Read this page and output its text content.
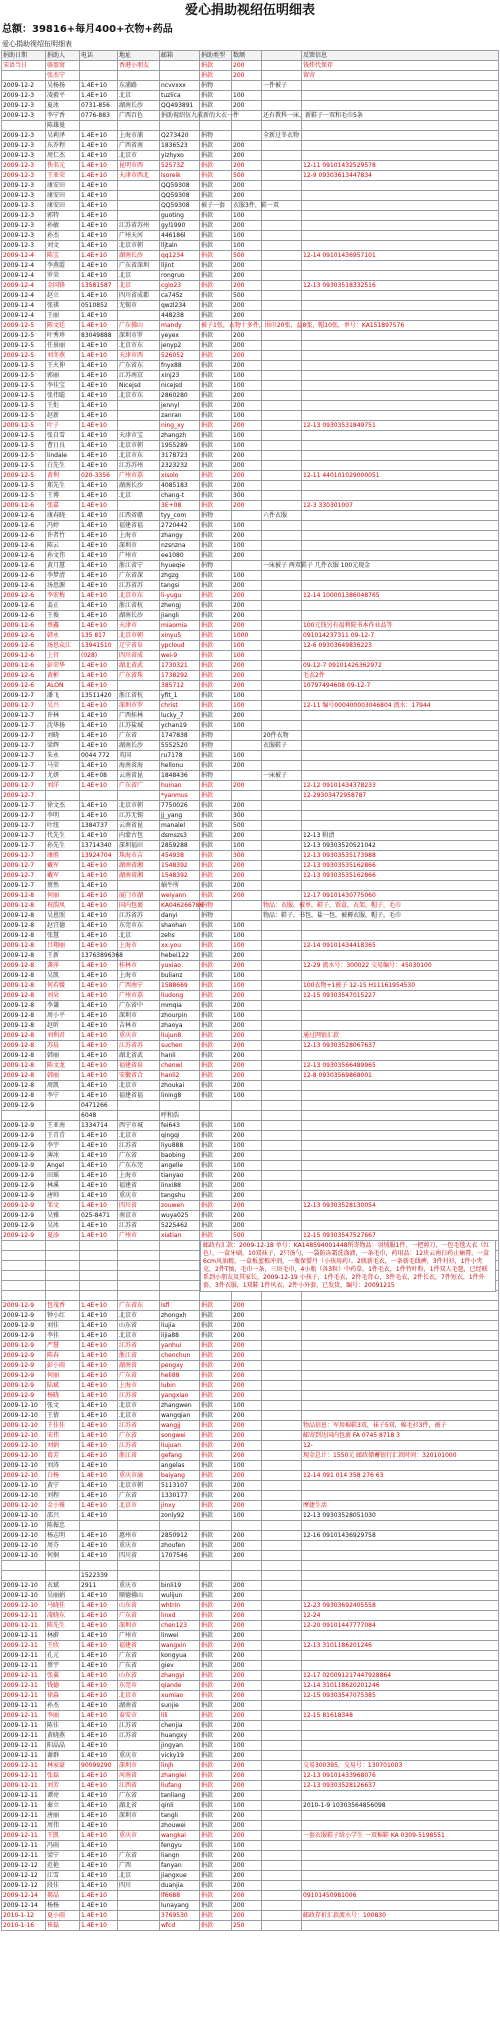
爱心捐助视绍伍明细表
总额：39816+每月400+衣物+药品
爱心捐助视绍伍明细表
捐助日期	捐助人	电话	地址	邮箱	捐助类型	数额		反馈信息	
宋语当日	骆盈窝		香港小朋友		捐款	200		钱炜代保存	
	张杰宁				捐款	200		留寄	
2009-12-2	吴杨扬	1.4E+10	东浦路	ncvvxxx	捐物		一件被子		
2009-12-3	凌毅平	1.4E+10	北京	tuzlica	捐款	100			
2009-12-3	夏冰	0731-856	湖南长沙	QQ493891	捐款	200			
2009-12-3	李宁香	0776-883	广西百色	捐助视绍伍九成新的大衣一件			还有教科一床、新鞋子一双和毛巾5条		
	陈雄曼								
2009-12-3	吴莉泽	1.4E+10	上海市浦	Q273420	捐物		全新过冬衣物		
2009-12-3	东乔程	1.4E+10	广西省南	1836523	捐款	200			
2009-12-3	周仁杰	1.4E+10	北京市	yizhyxo	捐款	200			
2009-12-3	佚名元	1.4E+10	昆明市西	52573Z	捐款	200		12-11 09101432529578	
2009-12-3	王亚荣	1.4E+10	天津市西北	lsoreik	捐款	500		12-9 09303613447834	
2009-12-3	康安田	1.4E+10		QQ59308	捐款	200			
2009-12-3	康安田	1.4E+10		QQ59308	捐款	200			
2009-12-3	康安田	1.4E+10		QQ59308	被子一套	衣服3件，鞋一双			
2009-12-3	郭特	1.4E+10		guoting	捐款	100			
2009-12-3	孙敏	1.4E+10	江苏省苏州	gyl1990	捐款	200			
2009-12-3	孙杰	1.4E+10	广州天河	446186l	捐款	100			
2009-12-3	刘文	1.4E+10	北京市朝	lljtaln	捐款	100			
2009-12-4	陈宝	1.4E+10	湖南长沙	qq1234	捐款	500		12-14 09101436957101	
2009-12-4	李燕霞	1.4E+10	广东省深圳	lljint	捐款	200			
2009-12-4	罗荣	1.4E+10	北京	rongruo	捐款	200			
2009-12-4	金国锋	13581587	北京	cglo23	捐款	200		12-13 09303518332516	
2009-12-4	赵立	1.4E+10	四川省成都	ca745z	捐款	500			
2009-12-4	张祺	0510852	无锡市	qwzl234	捐款	200			
2009-12-4	王丽	1.4E+10		448238	捐款	200			
2009-12-5	陈文廷	1.4E+10	广东佛山	mandy	被子1张，衣物十多件，围巾20张，益8张，帽10张，单号：KA151897576				
2009-12-5	叶秀珍	83049888	深圳市罗	yeyex	捐款	200			
2009-12-5	任景丽	1.4E+10	北京市东	jenyp2	捐款	200			
2009-12-5	刘冬燕	1.4E+10	天津市西	526052	捐款	200			
2009-12-5	王火伸	1.4E+10	广东省东	fnyx88	捐款	200			
2009-12-5	郭丽	1.4E+10	江苏南京	xinj23	捐款	100			
2009-12-5	李佳宝	1.4E+10	Nicejsd	nicejsd	捐款	100			
2009-12-5	张伟聪	1.4E+10	北京市东	2860280	捐款	200			
2009-12-5	王炬	1.4E+10		jennyl	捐款	200			
2009-12-5	赵新	1.4E+10		zanran	捐款	100			
2009-12-5	叶子	1.4E+10		ning_xy	捐款	200		12-13 09303531849751	
2009-12-5	张自雪	1.4E+10	天津市宝	zhangzh	捐款	100			
2009-12-5	曹日良	1.4E+10	北京市朝	1955289	捐款	100			
2009-12-5	lindale	1.4E+10	北京市东	3178723	捐款	200			
2009-12-5	白先生	1.4E+10	江苏苏州	2323232	捐款	200			
2009-12-5	黄利	020-3356	广州市荔	xisolo	捐款	200		12-11 440101029000051	
2009-12-5	郑先生	1.4E+10	湖南长沙	4085183	捐款	200			
2009-12-5	王博	1.4E+10	北京	chang-t	捐款	300			
2009-12-6	张嘉	1.4E+10		3E+08	捐款	200		12-3 330301007	
2009-12-6	康春晓	1.4E+10	江西省赣	tyy_com	捐物		六件衣服		
2009-12-6	冯婷	1.4E+10	福建省福	2720442	捐款	100			
2009-12-6	许者竹	1.4E+10	上海市	zhangy	捐款	200			
2009-12-6	陈云	1.4E+10	深圳市	nzsnzna	捐款	100			
2009-12-6	孙文伟	1.4E+10	广州市	ee1080	捐款	200			
2009-12-6	黄月慧	1.4E+10	浙江省宁	hyueqie	捐物		一床被子 两双鞋子 几件衣服 100元现金		
2009-12-6	李梦清	1.4E+10	广东省深	zhgzg	捐款	100			
2009-12-6	汤思源	1.4E+10	江苏省苏	tangsi	捐款	200			
2009-12-6	李宏梅	1.4E+10	北京市东	li-yugu	捐款	200		12-14 100001386048765	
2009-12-6	姜正	1.4E+10	浙江省杭	zhengj	捐款	200			
2009-12-6	王俊	1.4E+10	湖南长沙	jiangli	捐款	200			
2009-12-6	蔡鑫	1.4E+10	天津市	miaomia	捐款	200		100元钱另有福利院书本作业品等	
2009-12-6	韩永	135 817	北京市朝	xinyu5	捐款	1000		091014237311 09-12-7	
2009-12-6	汤思众江	13941510	辽宁省阜	ypcloud	捐款	100		12-6 09303649836223	
2009-12-6	上官	(028)	四川省成	wei-9	捐款	100			
2009-12-6	彭荣华	1.4E+10	湖北省武	1730321	捐款	200		09-12-7 09101426362972	
2009-12-6	黄彬	1.4E+10	广东省珠	1738292	捐款	200		毛衣2件	
2009-12-6	ALON	1.4E+10		385712	捐款	200		10797494608 09-12-7	
2009-12-7	潘飞	13511420	浙江省杭	yfit_1	捐款	100			
2009-12-7	吴兴	1.4E+10	深圳市罗	christ	捐款	100		12-11 编号000400003046804 流水：17944	
2009-12-7	许林	1.4E+10	广西桂林	lucky_7	捐款	200			
2009-12-7	沈华扬	1.4E+10	江苏盐城	ychan19	捐款	100			
2009-12-7	刘晓	1.4E+10	广东省	1747838	捐物		20件衣物		
2009-12-7	梁辉	1.4E+10	湖南长沙	5552520	捐物		衣服鞋子		
2009-12-7	朱永	0044 772	英国	ru7178	捐款	100			
2009-12-7	马荣	1.4E+10	海南省海	hellonu	捐款	200			
2009-12-7	尤妍	1.4E+08	云南省昆	1848436	捐物		一床被子		
2009-12-7	刘洋	1.4E+10	广东省广	huinan	捐款	200		12-12 09101434378233	
2009-12-7				*yanmus	捐款			12-29303472958787	
2009-12-7	徐文杰	1.4E+10	北京市朝	7750026	捐款	200			
2009-12-7	李明	1.4E+10	江苏无锡	jj_yang	捐款	300			
2009-12-7	叶纽	1384737	云南省昆	manalel	捐款	500			
2009-12-7	代先生	1.4E+10	内蒙古包	dsmszs3	捐款	200		12-13 附清	
2009-12-7	孙先生	13714340	深圳福田	2859288	捐款	100		12-13 09303520521042	
2009-12-7	康胜	13924704	珠海市吉	454938	捐款	300		12-13 09303535173988	
2009-12-7	戴军	1.4E+10	湖南省湘	1548392	捐款	200		12-13 09303535162866	
2009-12-7	戴军	1.4E+10	湖南省湘	1548392	捐款	200		12-13 09303535162866	
2009-12-7	蔡然	1.4E+10		蜗牛所	捐款	200			
2009-12-8	何丽	1.4E+10	厦门市湖	weiyann	捐款	200		12-17 09101430775060	
2009-12-8	祝韵凤	1.4E+10	国内包裹	KA046266786	捐物		物品：衣服，被单，鞋子，饭盒，衣架，帽子，毛巾		
2009-12-8	吴恩照	1.4E+10	江苏省苏	danyi	捐物		物品：鞋子，书包，盐一包，被褥衣服，帽子，毛巾		
2009-12-8	赵宜德	1.4E+10	东莞市东	shaohan	捐款	100			
2009-12-8	张慧	1.4E+10	北京	zehs	捐款	100			
2009-12-8	吕翔丽	1.4E+10	上海市	xx.you	捐款	100		12-14 09101434418365	
2009-12-8	王新	13763896368		hebei122	捐款	200			
2009-12-8	龚萍	1.4E+10	桂林市	yuxiao	捐款	200		12-29 流水号：300022 交易编号：45030100	
2009-12-8	吴凯	1.4E+10	上海市	bulianz	捐款	100			
2009-12-8	何若媛	1.4E+10	广西南宁	1588669	捐款	100		100衣物+1被子 12-15 H11161954530	
2009-12-8	刘朵	1.4E+10	广州市荔	liudong	捐款	200		12-15 09303547015227	
2009-12-8	李谦	1.4E+10	广东省中	mmqia	捐款	200			
2009-12-8	周小平	1.4E+10	深圳市	zhourpin	捐款	100			
2009-12-8	赵昕	1.4E+10	吉林市	zhaoya	捐款	200			
2009-12-8	刘利君	1.4E+10	重庆市	liujun8	捐款	200		通过网银汇款	
2009-12-8	苏晨	1.4E+10	江苏省苏	suchen	捐款	200		12-13 09303528067637	
2009-12-8	韩丽	1.4E+10	湖北省武	hanli	捐款	200			
2009-12-8	陈文龙	1.4E+10	福建省泉	chenwl	捐款	200		12-13 09303566489965	
2009-12-8	韩丽	1.4E+10	安徽省合	hanli2	捐款	200		12-8 09303569868001	
2009-12-8	周凯	1.4E+10	北京市	zhoukai	捐款	200			
2009-12-8	李宁	1.4E+10	福建省福	lining8	捐款	100			
2009-12-9		0471266							
		6048		呼和浩					
2009-12-9	王亚南	1334714	西宁市城	fei643	捐款	100			
2009-12-9	王青青	1.4E+10	北京市	qingqi	捐款	200			
2009-12-9	李宇	1.4E+10	江苏省	liyu888	捐款	100			
2009-12-9	薄冰	1.4E+10	广东省	baobing	捐款	200			
2009-12-9	Angel	1.4E+10	广东东莞	angelle	捐款	100			
2009-12-9	田瑶	1.4E+10	上海市	tianyao	捐款	200			
2009-12-9	林溪	1.4E+10	福建省	linxi88	捐款	200			
2009-12-9	唐帅	1.4E+10	重庆市	tangshu	捐款	200			
2009-12-9	邹文	1.4E+10	四川省	zouwen	捐款	200		12-13 09303528130054	
2009-12-9	吴雅	025-8471	南京市	wuya025	捐款	200			
2009-12-9	吴冰	1.4E+10	江苏省	5225462	捐款	200			
2009-12-9	夏添	1.4E+10	广州市	xiatian	捐款	500		12-15 09303547527667	

2009-12-9	包茂香	1.4E+10	广东省东	lsfl	捐款	200			
2009-12-9	钟小红	1.4E+10	北京市	zhongxh	捐款	200			
2009-12-9	刘佳	1.4E+10	山东省	liujia	捐款	200			
2009-12-9	李佳	1.4E+10	北京市	lijia88	捐款	200			
2009-12-9	严慧	1.4E+10	江苏省	yanhui	捐款	200			
2009-12-9	陈春	1.4E+10	浙江省	chenchun	捐款	200			
2009-12-9	彭小雨	1.4E+10	湖南省	pengxy	捐款	200			
2009-12-9	何丽	1.4E+10	广东省	heli88	捐款	200			
2009-12-9	陆斌	1.4E+10	上海市	lubin	捐款	200			
2009-12-9	杨晓	1.4E+10	江苏省	yangxiao	捐款	200			
2009-12-10	张文	1.4E+10	北京市	zhangwen	捐款	100			
2009-12-10	王倩	1.4E+10	北京市	wangqian	捐款	200			
2009-12-10	王佳佳	1.4E+10	江苏省	wangjj	捐款	200		物品信息：军用棉鞋3双，袜子5双，棉毛衫3件，被子	
2009-12-10	宋伟	1.4E+10	广东省	songwei	捐款	200		邮寄到达国内包裹 FA 0745 8718 3	
2009-12-10	刘娟	1.4E+10	江苏省	liujuan	捐款	200		12-	
2009-12-10	葛芳	1.4E+10	浙江省	gefang	捐款	200		现金总计：1550元 邮政储蓄银行汇款时间：320101000	
2009-12-10	刘涛	1.4E+10		angelas	捐款	100			
2009-12-10	白杨	1.4E+10	重庆市渝	baiyang	捐款	200		12-14 091 014 358 276 63	
2009-12-10	黄宁	1.4E+10	北京市朝	5113107	捐款	200			
2009-12-10	刘程	1.4E+10	广东省	1330177	捐款	200			
2009-12-10	金小雅	1.4E+10	北京市	jinxy	捐款	200		摩捷生活	
2009-12-10	邵兴	1.4E+10		zonly92	捐款	100		12-13 09303528051030	
2009-12-10	陈振忠								
2009-12-10	杨志明	1.4E+10	惠州市	2850912	捐款	200		12-16 09101436929758	
2009-12-10	周芬	1.4E+10	重庆市	zhoufen	捐款	200			
2009-12-10	何炯	1.4E+10	四川省	1707546	捐款	200			

		1522339							
2009-12-10	衣斌	2911	重庆市	binli19	捐款	200			
2009-12-10	吴丽娟	1.4E+10	顺德佛山	wulijun	捐款	200			
2009-12-10	马晓佳	1.4E+10	山东省	whtrin	捐款	200		12-23 09303692405558	
2009-12-11	凌晓东	1.4E+10	广东省	linxd	捐款	200		12-24	
2009-12-11	陈先生	1.4E+10	深圳市	chen123	捐款	200		12-20 09101447777084	
2009-12-11	林蔚	1.4E+10	广州市	linwei	捐款	200			
2009-12-11	王欣	1.4E+10	福建省	wangxin	捐款	200		12-13 3101186201246	
2009-12-11	孔元	1.4E+10	广东省	kongyua	捐款	200			
2009-12-11	蔡宇	1.4E+10	广东省	giev	捐款	200			
2009-12-11	张翼	1.4E+10	山东省	zhangyi	捐款	200		12-17 020091217447928864	
2009-12-11	钱德	1.4E+10	东莞市	qiande	捐款	200		12-14 310118620201246	
2009-12-11	徐淼	1.4E+10	北京市	xumiao	捐款	200		12-15 09303547075385	
2009-12-11	孙杰	1.4E+10	湖南省	sunjie	捐款	200			
2009-12-11	李丽	1.4E+10	泰安市	lili	捐款	200		12-15 81618348	
2009-12-11	陈佳	1.4E+10	江苏省	chenjia	捐款	200			
2009-12-11	黄晓燕	1.4E+10	江苏省	huangxy	捐款	200			
2009-12-11	阳晶晶	1.4E+10		jingyan	捐款	100			
2009-12-11	谢群	1.4E+10	重庆市	vicky19	捐款	200			
2009-12-11	林家豪	90099290	深圳市	linjh	捐款	200		交易300395，交易号：130701003	
2009-12-11	张磊	1.4E+10	河南省	zhanglei	捐款	200		12-13 09101433968076	
2009-12-11	刘芳	1.4E+10	江西省	liufang	捐款	200		12-13 09303528126637	
2009-12-11	谭亮	1.4E+10	广东省	tanliang	捐款	200			
2009-12-11	秦立	1.4E+10	湖北省	qinli	捐款	100		2010-1-9 10303564856098	
2009-12-11	唐丽	1.4E+10	深圳市	tangli	捐款	200			
2009-12-11	周伟	1.4E+10		zhouwei	捐款	200			
2009-12-11	王凯	1.4E+10	重庆市	wangkai	捐款	200		一套衣服鞋子给小学生 一双棉鞋 KA 0309-5198551	
2009-12-11	冯雨	1.4E+10		fengyu	捐款	100			
2009-12-11	梁宁	1.4E+10	广东省	liangn	捐款	200			
2009-12-12	范艳	1.4E+10	广西	fanyan	捐款	200			
2009-12-12	江雪	1.4E+10	北京	jiangxue	捐款	200			
2009-12-12	段佳	1.4E+10	四川	duanjia	捐款	200			
2009-12-14	郝晶	1.4E+10		lf6688	捐款	200		09101450981006	
2009-12-14	杨杨	1.4E+10		lunayang	捐款	200			
2010-1-12	夏小雨	1.4E+10		3769530	捐款	200		邮政存折汇款流水号：100830	
2010-1-16	崔磊	1.4E+10		wfcd	捐款	250			
邮政有汇款：2009-12-18 单号：KA148594001448所寄物品：羽绒服1件，一把剪刀，一包毛毯大衣（红色），一盒牙刷，10双袜子，2只汤勺，一袋防冻霜洗涤液，一条毛巾，药用品：12块云南白药止痛膏，一盒6cm风油精，一盒板蓝根冲剂，一瓶保婴丹（小孩用药），2瓶新毛衣，一条新毛线裤，3件衬衫，1件小夹克，2件T恤，毛巾一条，三块毛巾，4小瓶（各3粒）中药草，1件毛衣，1件竹叶粉，1件双人毛毯，已经联系到小朋友及其家长，2009-12-19 小孩子，1件毛衣，2件毛背心，3件毛衣，2件长衣，7件短衣，1件外套，3件衣服，1双鞋 1件风衣，2件小外套，已发货，编号：20091215
